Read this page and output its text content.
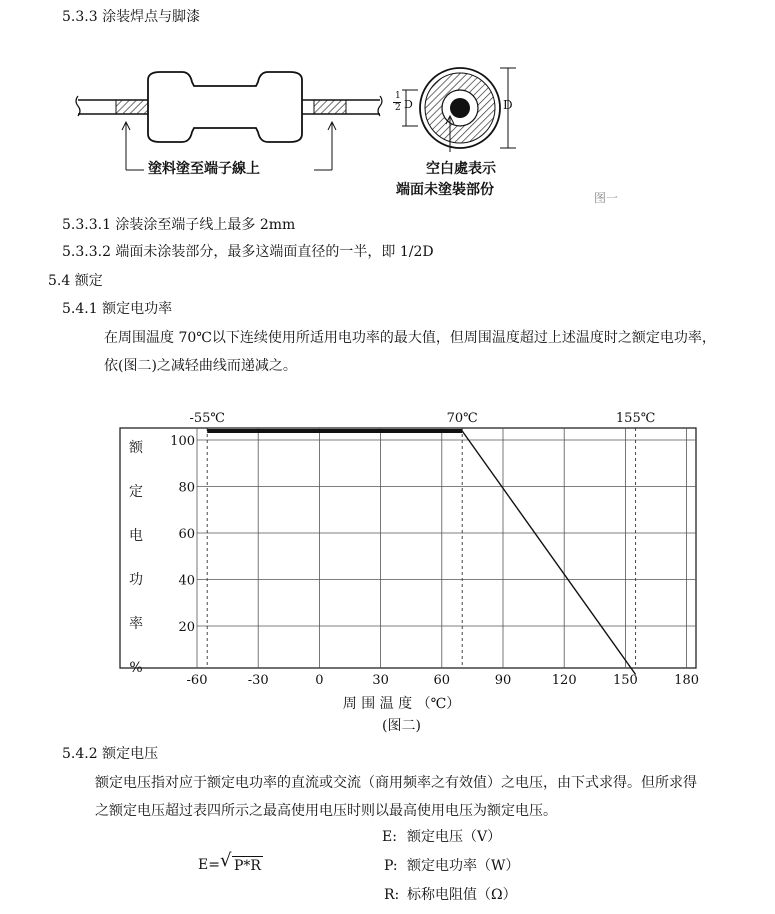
5.3.3 涂装焊点与脚漆
塗料塗至端子線上
D
1
2 D
空白處表示
端面未塗裝部份	图一
5.3.3.1 涂装涂至端子线上最多 2mm
5.3.3.2 端面未涂装部分，最多这端面直径的一半，即 1/2D
5.4 额定
5.4.1 额定电功率
在周围温度 70℃以下连续使用所适用电功率的最大值，但周围温度超过上述温度时之额定电功率，
依(图二)之减轻曲线而递减之。
-60	-30	0	30	60	90	120	150	180
100
80
60
40
20
额
定
电
功
率
%
-55℃	70℃	155℃
周 围 温 度 （℃）
(图二)
5.4.2 额定电压
额定电压指对应于额定电功率的直流或交流（商用频率之有效值）之电压，由下式求得。但所求得
之额定电压超过表四所示之最高使用电压时则以最高使用电压为额定电压。
E= √ P*R
E: 额定电压（V）
P: 额定电功率（W）
R: 标称电阻值（Ω）
